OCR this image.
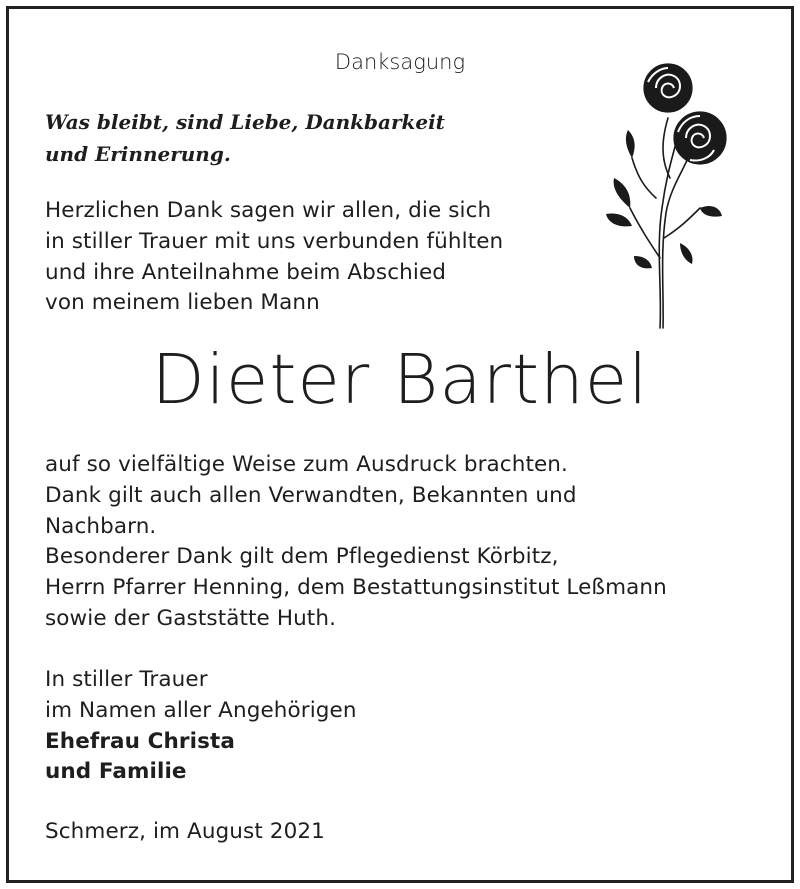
Danksagung
Was bleibt, sind Liebe, Dankbarkeit
und Erinnerung.
Herzlichen Dank sagen wir allen, die sich
in stiller Trauer mit uns verbunden fühlten
und ihre Anteilnahme beim Abschied
von meinem lieben Mann
Dieter Barthel
auf so vielfältige Weise zum Ausdruck brachten.
Dank gilt auch allen Verwandten, Bekannten und
Nachbarn.
Besonderer Dank gilt dem Pflegedienst Körbitz,
Herrn Pfarrer Henning, dem Bestattungsinstitut Leßmann
sowie der Gaststätte Huth.
In stiller Trauer
im Namen aller Angehörigen
Ehefrau Christa
und Familie
Schmerz, im August 2021
